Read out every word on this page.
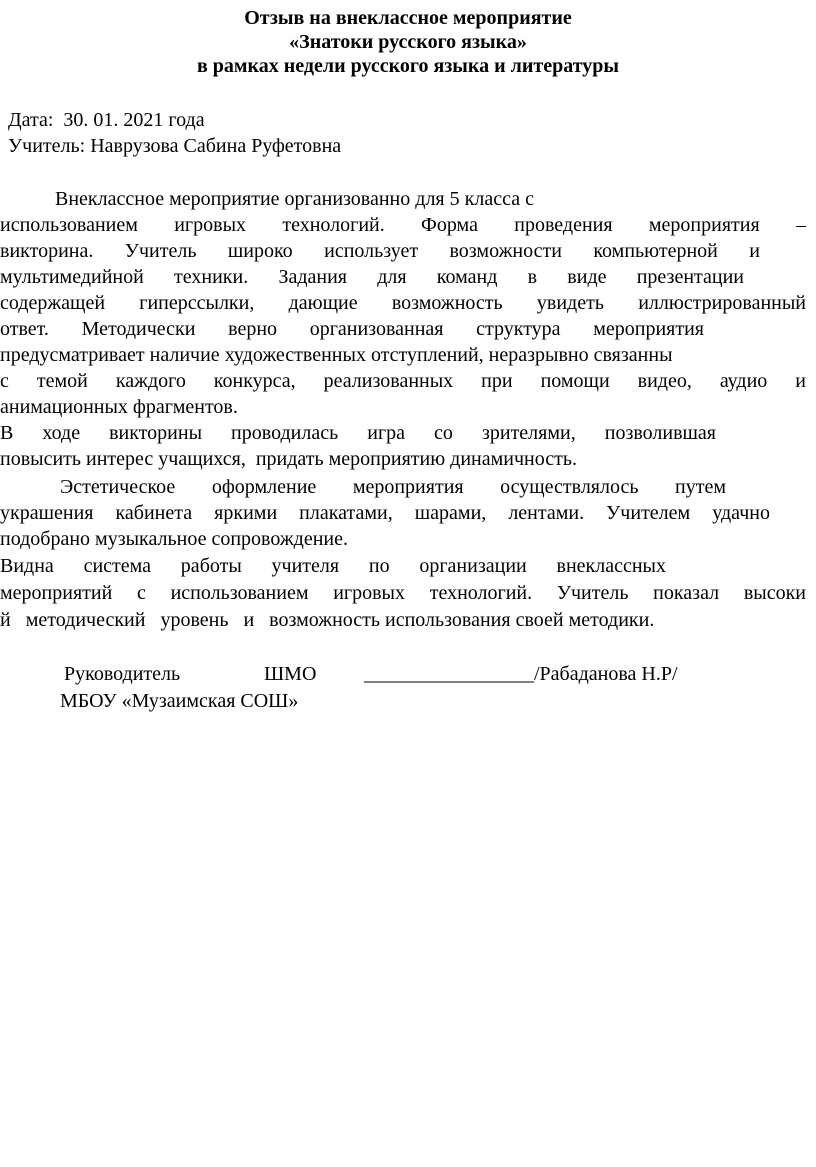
Отзыв на внеклассное мероприятие
«Знатоки русского языка»
в рамках недели русского языка и литературы
Дата:  30. 01. 2021 года
Учитель: Наврузова Сабина Руфетовна
Внеклассное мероприятие организованно для 5 класса с
использованием игровых технологий. Форма проведения мероприятия –
викторина. Учитель широко использует возможности компьютерной и
мультимедийной техники. Задания для команд в виде презентации
содержащей гиперссылки, дающие возможность увидеть иллюстрированный
ответ. Методически верно организованная структура мероприятия
предусматривает наличие художественных отступлений, неразрывно связанны
с темой каждого конкурса, реализованных при помощи видео, аудио и
анимационных фрагментов.
В ходе викторины проводилась игра со зрителями, позволившая
повысить интерес учащихся,  придать мероприятию динамичность.
Эстетическое оформление мероприятия осуществлялось путем
украшения кабинета яркими плакатами, шарами, лентами. Учителем удачно
подобрано музыкальное сопровождение.
Видна система работы учителя по организации внеклассных
мероприятий с использованием игровых технологий. Учитель показал высоки
й   методический   уровень   и   возможность использования своей методики.
Руководитель	ШМО _________________/Рабаданова Н.Р/
МБОУ «Музаимская СОШ»
